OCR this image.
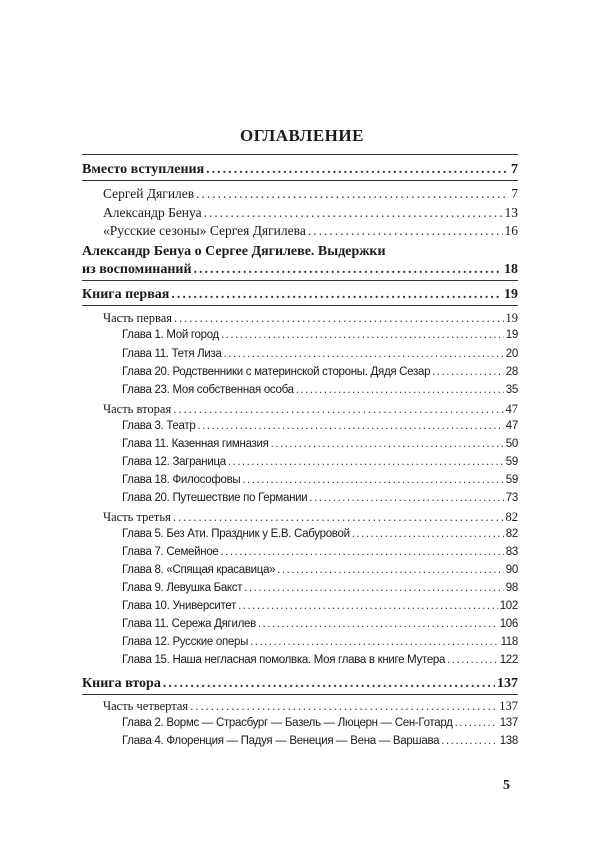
ОГЛАВЛЕНИЕ
Вместо вступления .....	7
Сергей Дягилев .....	7
Александр Бенуа .....	13
«Русские сезоны» Сергея Дягилева .....	16
Александр Бенуа о Сергее Дягилеве. Выдержки
из воспоминаний .....	18
Книга первая .....	19
Часть первая .....	19
Глава 1. Мой город .....	19
Глава 11. Тетя Лиза .....	20
Глава 20. Родственники с материнской стороны. Дядя Сезар .....	28
Глава 23. Моя собственная особа .....	35
Часть вторая .....	47
Глава 3. Театр .....	47
Глава 11. Казенная гимназия .....	50
Глава 12. Заграница .....	59
Глава 18. Философовы .....	59
Глава 20. Путешествие по Германии .....	73
Часть третья .....	82
Глава 5. Без Ати. Праздник у Е.В. Сабуровой .....	82
Глава 7. Семейное .....	83
Глава 8. «Спящая красавица» .....	90
Глава 9. Левушка Бакст .....	98
Глава 10. Университет .....	102
Глава 11. Сережа Дягилев .....	106
Глава 12. Русские оперы .....	118
Глава 15. Наша негласная помолвка. Моя глава в книге Мутера .....	122
Книга втора .....	137
Часть четвертая .....	137
Глава 2. Вормс — Страсбург — Базель — Люцерн — Сен-Готард .....	137
Глава 4. Флоренция — Падуя — Венеция — Вена — Варшава .....	138
5
